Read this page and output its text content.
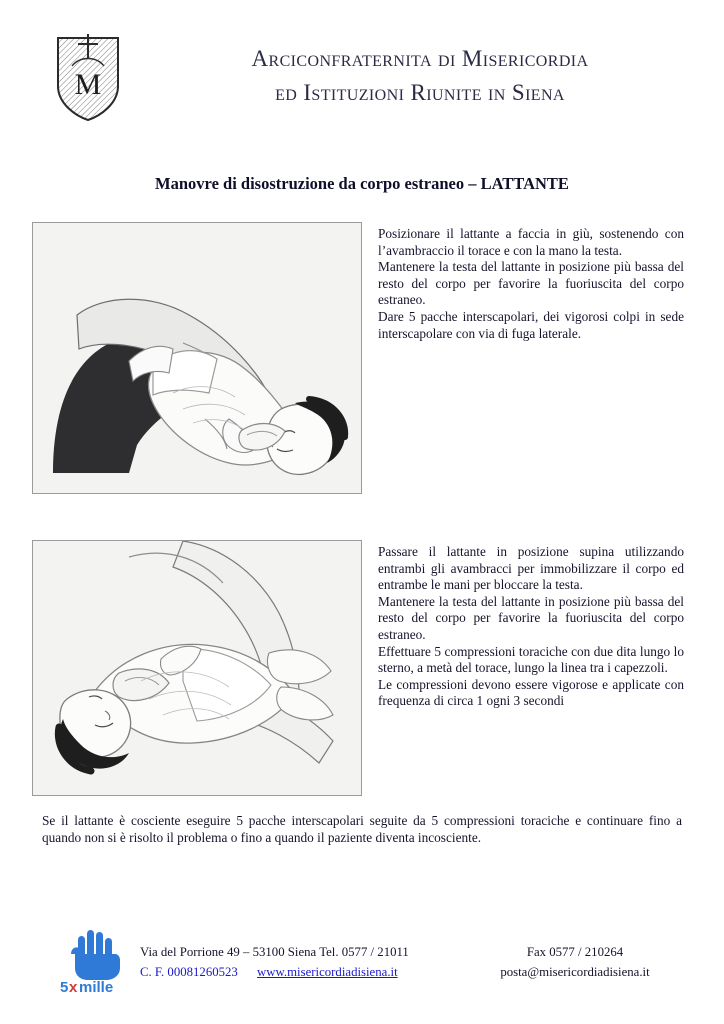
M
Arciconfraternita di Misericordia
ed Istituzioni Riunite in Siena
Manovre di disostruzione da corpo estraneo – LATTANTE

Posizionare il lattante a faccia in giù, sostenendo con l’avambraccio il torace e con la mano la testa.

Mantenere la testa del lattante in posizione più bassa del resto del corpo per favorire la fuoriuscita del corpo estraneo.

Dare 5 pacche interscapolari, dei vigorosi colpi in sede interscapolare con via di fuga laterale.

Passare il lattante in posizione supina utilizzando entrambi gli avambracci per immobilizzare il corpo ed entrambe le mani per bloccare la testa.

Mantenere la testa del lattante in posizione più bassa del resto del corpo per favorire la fuoriuscita del corpo estraneo.

Effettuare 5 compressioni toraciche con due dita lungo lo sterno, a metà del torace, lungo la linea tra i capezzoli.

Le compressioni devono essere vigorose e applicate con frequenza di circa 1 ogni 3 secondi

Se il lattante è cosciente eseguire 5 pacche interscapolari seguite da 5 compressioni toraciche e continuare fino a quando non si è risolto il problema o fino a quando il paziente diventa incosciente.
5 x mille
Via del Porrione 49 – 53100 Siena Tel. 0577 / 21011	Fax 0577 / 210264
C. F. 00081260523 www.misericordiadisiena.it	posta@misericordiadisiena.it
